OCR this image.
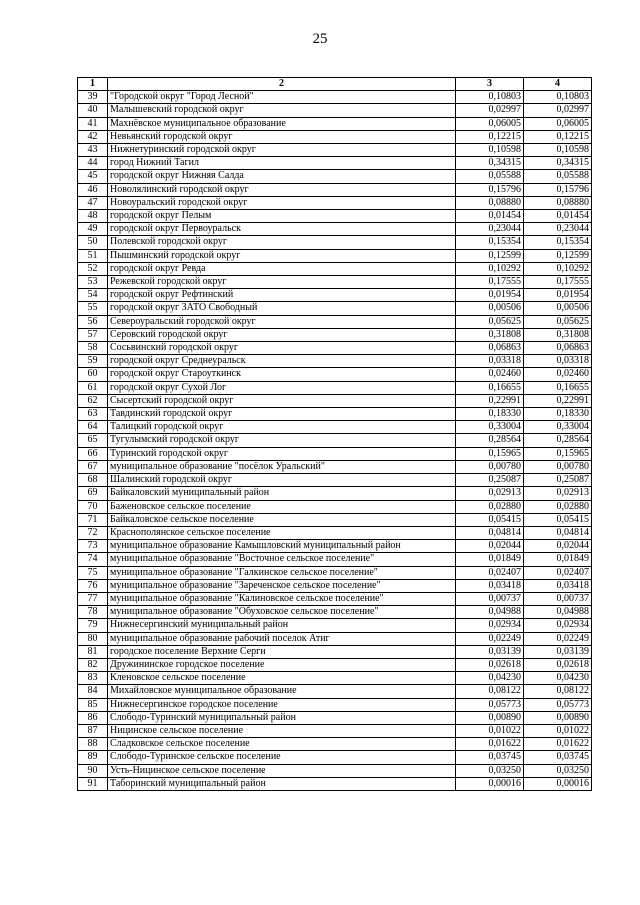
25
1	2	3	4
39	"Городской округ "Город Лесной"	0,10803	0,10803
40	Малышевский городской округ	0,02997	0,02997
41	Махнёвское муниципальное образование	0,06005	0,06005
42	Невьянский городской округ	0,12215	0,12215
43	Нижнетуринский городской округ	0,10598	0,10598
44	город Нижний Тагил	0,34315	0,34315
45	городской округ Нижняя Салда	0,05588	0,05588
46	Новолялинский городской округ	0,15796	0,15796
47	Новоуральский городской округ	0,08880	0,08880
48	городской округ Пелым	0,01454	0,01454
49	городской округ Первоуральск	0,23044	0,23044
50	Полевской городской округ	0,15354	0,15354
51	Пышминский городской округ	0,12599	0,12599
52	городской округ Ревда	0,10292	0,10292
53	Режевской городской округ	0,17555	0,17555
54	городской округ Рефтинский	0,01954	0,01954
55	городской округ ЗАТО Свободный	0,00506	0,00506
56	Североуральский городской округ	0,05625	0,05625
57	Серовский городской округ	0,31808	0,31808
58	Сосьвинский городской округ	0,06863	0,06863
59	городской округ Среднеуральск	0,03318	0,03318
60	городской округ Староуткинск	0,02460	0,02460
61	городской округ Сухой Лог	0,16655	0,16655
62	Сысертский городской округ	0,22991	0,22991
63	Тавдинский городской округ	0,18330	0,18330
64	Талицкий городской округ	0,33004	0,33004
65	Тугулымский городской округ	0,28564	0,28564
66	Туринский городской округ	0,15965	0,15965
67	муниципальное образование "посёлок Уральский"	0,00780	0,00780
68	Шалинский городской округ	0,25087	0,25087
69	Байкаловский муниципальный район	0,02913	0,02913
70	Баженовское сельское поселение	0,02880	0,02880
71	Байкаловское сельское поселение	0,05415	0,05415
72	Краснополянское сельское поселение	0,04814	0,04814
73	муниципальное образование Камышловский муниципальный район	0,02044	0,02044
74	муниципальное образование "Восточное сельское поселение"	0,01849	0,01849
75	муниципальное образование "Галкинское сельское поселение"	0,02407	0,02407
76	муниципальное образование "Зареченское сельское поселение"	0,03418	0,03418
77	муниципальное образование "Калиновское сельское поселение"	0,00737	0,00737
78	муниципальное образование "Обуховское сельское поселение"	0,04988	0,04988
79	Нижнесергинский муниципальный район	0,02934	0,02934
80	муниципальное образование рабочий поселок Атиг	0,02249	0,02249
81	городское поселение Верхние Серги	0,03139	0,03139
82	Дружининское городское поселение	0,02618	0,02618
83	Кленовское сельское поселение	0,04230	0,04230
84	Михайловское муниципальное образование	0,08122	0,08122
85	Нижнесергинское городское поселение	0,05773	0,05773
86	Слободо-Туринский муниципальный район	0,00890	0,00890
87	Ницинское сельское поселение	0,01022	0,01022
88	Сладковское сельское поселение	0,01622	0,01622
89	Слободо-Туринское сельское поселение	0,03745	0,03745
90	Усть-Ницинское сельское поселение	0,03250	0,03250
91	Таборинский муниципальный район	0,00016	0,00016
